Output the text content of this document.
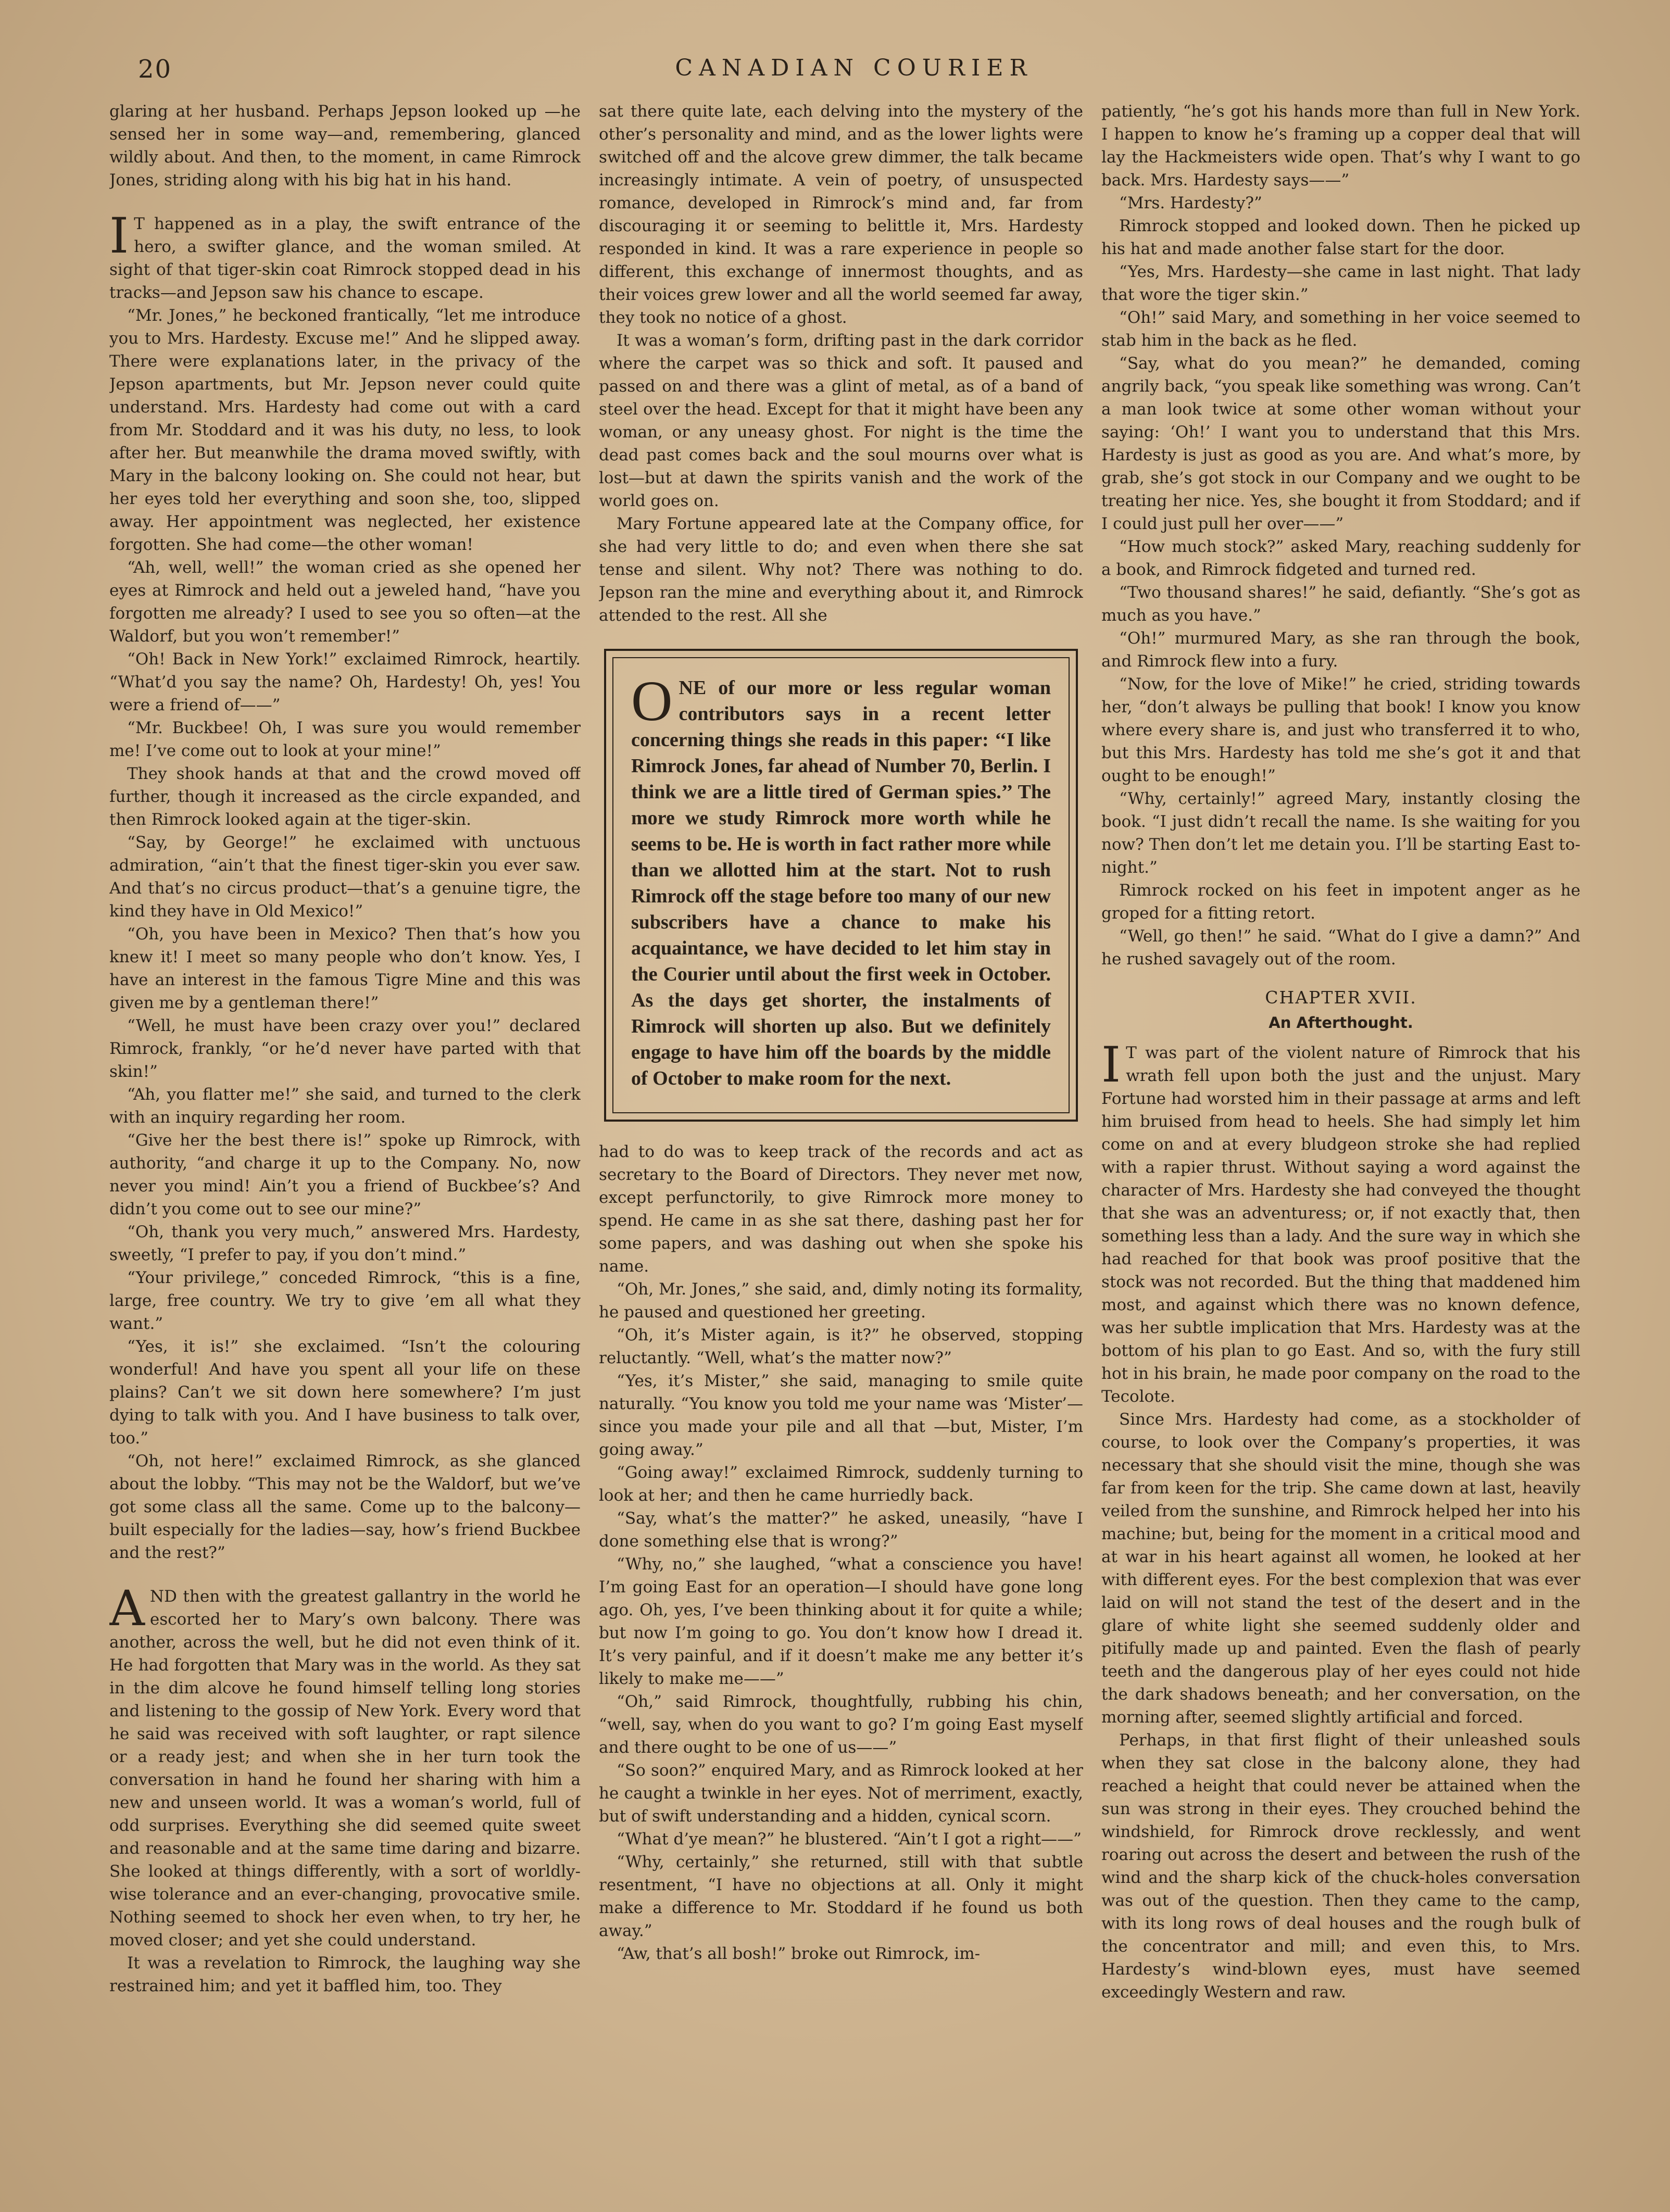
20	CANADIAN COURIER

glaring at her husband. Perhaps Jepson looked up —he sensed her in some way—and, remembering, glanced wildly about. And then, to the moment, in came Rimrock Jones, striding along with his big hat in his hand.

I T happened as in a play, the swift entrance of the hero, a swifter glance, and the woman smiled. At sight of that tiger-skin coat Rimrock stopped dead in his tracks—and Jepson saw his chance to escape.

“Mr. Jones,” he beckoned frantically, “let me introduce you to Mrs. Hardesty. Excuse me!” And he slipped away. There were explanations later, in the privacy of the Jepson apartments, but Mr. Jepson never could quite understand. Mrs. Hardesty had come out with a card from Mr. Stoddard and it was his duty, no less, to look after her. But meanwhile the drama moved swiftly, with Mary in the balcony looking on. She could not hear, but her eyes told her everything and soon she, too, slipped away. Her appointment was neglected, her existence forgotten. She had come—the other woman!

“Ah, well, well!” the woman cried as she opened her eyes at Rimrock and held out a jeweled hand, “have you forgotten me already? I used to see you so often—at the Waldorf, but you won’t remember!”

“Oh! Back in New York!” exclaimed Rimrock, heartily. “What’d you say the name? Oh, Hardesty! Oh, yes! You were a friend of——”

“Mr. Buckbee! Oh, I was sure you would remember me! I’ve come out to look at your mine!”

They shook hands at that and the crowd moved off further, though it increased as the circle expanded, and then Rimrock looked again at the tiger-skin.

“Say, by George!” he exclaimed with unctuous admiration, “ain’t that the finest tiger-skin you ever saw. And that’s no circus product—that’s a genuine tigre, the kind they have in Old Mexico!”

“Oh, you have been in Mexico? Then that’s how you knew it! I meet so many people who don’t know. Yes, I have an interest in the famous Tigre Mine and this was given me by a gentleman there!”

“Well, he must have been crazy over you!” declared Rimrock, frankly, “or he’d never have parted with that skin!”

“Ah, you flatter me!” she said, and turned to the clerk with an inquiry regarding her room.

“Give her the best there is!” spoke up Rimrock, with authority, “and charge it up to the Company. No, now never you mind! Ain’t you a friend of Buckbee’s? And didn’t you come out to see our mine?”

“Oh, thank you very much,” answered Mrs. Hardesty, sweetly, “I prefer to pay, if you don’t mind.”

“Your privilege,” conceded Rimrock, “this is a fine, large, free country. We try to give ’em all what they want.”

“Yes, it is!” she exclaimed. “Isn’t the colouring wonderful! And have you spent all your life on these plains? Can’t we sit down here somewhere? I’m just dying to talk with you. And I have business to talk over, too.”

“Oh, not here!” exclaimed Rimrock, as she glanced about the lobby. “This may not be the Waldorf, but we’ve got some class all the same. Come up to the balcony—built especially for the ladies—say, how’s friend Buckbee and the rest?”

AND then with the greatest gallantry in the world he escorted her to Mary’s own balcony. There was another, across the well, but he did not even think of it. He had forgotten that Mary was in the world. As they sat in the dim alcove he found himself telling long stories and listening to the gossip of New York. Every word that he said was received with soft laughter, or rapt silence or a ready jest; and when she in her turn took the conversation in hand he found her sharing with him a new and unseen world. It was a woman’s world, full of odd surprises. Everything she did seemed quite sweet and reasonable and at the same time daring and bizarre. She looked at things differently, with a sort of worldly-wise tolerance and an ever-changing, provocative smile. Nothing seemed to shock her even when, to try her, he moved closer; and yet she could understand.

It was a revelation to Rimrock, the laughing way she restrained him; and yet it baffled him, too. They

sat there quite late, each delving into the mystery of the other’s personality and mind, and as the lower lights were switched off and the alcove grew dimmer, the talk became increasingly intimate. A vein of poetry, of unsuspected romance, developed in Rimrock’s mind and, far from discouraging it or seeming to belittle it, Mrs. Hardesty responded in kind. It was a rare experience in people so different, this exchange of innermost thoughts, and as their voices grew lower and all the world seemed far away, they took no notice of a ghost.

It was a woman’s form, drifting past in the dark corridor where the carpet was so thick and soft. It paused and passed on and there was a glint of metal, as of a band of steel over the head. Except for that it might have been any woman, or any uneasy ghost. For night is the time the dead past comes back and the soul mourns over what is lost—but at dawn the spirits vanish and the work of the world goes on.

Mary Fortune appeared late at the Company office, for she had very little to do; and even when there she sat tense and silent. Why not? There was nothing to do. Jepson ran the mine and everything about it, and Rimrock attended to the rest. All she

ONE of our more or less regular woman contributors says in a recent letter concerning things she reads in this paper: ‘‘I like Rimrock Jones, far ahead of Number 70, Berlin. I think we are a little tired of German spies.’’ The more we study Rimrock more worth while he seems to be. He is worth in fact rather more while than we allotted him at the start. Not to rush Rimrock off the stage before too many of our new subscribers have a chance to make his acquaintance, we have decided to let him stay in the Courier until about the first week in October. As the days get shorter, the instalments of Rimrock will shorten up also. But we definitely engage to have him off the boards by the middle of October to make room for the next.

had to do was to keep track of the records and act as secretary to the Board of Directors. They never met now, except perfunctorily, to give Rimrock more money to spend. He came in as she sat there, dashing past her for some papers, and was dashing out when she spoke his name.

“Oh, Mr. Jones,” she said, and, dimly noting its formality, he paused and questioned her greeting.

“Oh, it’s Mister again, is it?” he observed, stopping reluctantly. “Well, what’s the matter now?”

“Yes, it’s Mister,” she said, managing to smile quite naturally. “You know you told me your name was ‘Mister’—since you made your pile and all that —but, Mister, I’m going away.”

“Going away!” exclaimed Rimrock, suddenly turning to look at her; and then he came hurriedly back.

“Say, what’s the matter?” he asked, uneasily, “have I done something else that is wrong?”

“Why, no,” she laughed, “what a conscience you have! I’m going East for an operation—I should have gone long ago. Oh, yes, I’ve been thinking about it for quite a while; but now I’m going to go. You don’t know how I dread it. It’s very painful, and if it doesn’t make me any better it’s likely to make me——”

“Oh,” said Rimrock, thoughtfully, rubbing his chin, “well, say, when do you want to go? I’m going East myself and there ought to be one of us——”

“So soon?” enquired Mary, and as Rimrock looked at her he caught a twinkle in her eyes. Not of merriment, exactly, but of swift understanding and a hidden, cynical scorn.

“What d’ye mean?” he blustered. “Ain’t I got a right——”

“Why, certainly,” she returned, still with that subtle resentment, “I have no objections at all. Only it might make a difference to Mr. Stoddard if he found us both away.”

“Aw, that’s all bosh!” broke out Rimrock, im-

patiently, “he’s got his hands more than full in New York. I happen to know he’s framing up a copper deal that will lay the Hackmeisters wide open. That’s why I want to go back. Mrs. Hardesty says——”

“Mrs. Hardesty?”

Rimrock stopped and looked down. Then he picked up his hat and made another false start for the door.

“Yes, Mrs. Hardesty—she came in last night. That lady that wore the tiger skin.”

“Oh!” said Mary, and something in her voice seemed to stab him in the back as he fled.

“Say, what do you mean?” he demanded, coming angrily back, “you speak like something was wrong. Can’t a man look twice at some other woman without your saying: ‘Oh!’ I want you to understand that this Mrs. Hardesty is just as good as you are. And what’s more, by grab, she’s got stock in our Company and we ought to be treating her nice. Yes, she bought it from Stoddard; and if I could just pull her over——”

“How much stock?” asked Mary, reaching suddenly for a book, and Rimrock fidgeted and turned red.

“Two thousand shares!” he said, defiantly. “She’s got as much as you have.”

“Oh!” murmured Mary, as she ran through the book, and Rimrock flew into a fury.

“Now, for the love of Mike!” he cried, striding towards her, “don’t always be pulling that book! I know you know where every share is, and just who transferred it to who, but this Mrs. Hardesty has told me she’s got it and that ought to be enough!”

“Why, certainly!” agreed Mary, instantly closing the book. “I just didn’t recall the name. Is she waiting for you now? Then don’t let me detain you. I’ll be starting East to-night.”

Rimrock rocked on his feet in impotent anger as he groped for a fitting retort.

“Well, go then!” he said. “What do I give a damn?” And he rushed savagely out of the room.

CHAPTER XVII.
An Afterthought.

I T was part of the violent nature of Rimrock that his wrath fell upon both the just and the unjust. Mary Fortune had worsted him in their passage at arms and left him bruised from head to heels. She had simply let him come on and at every bludgeon stroke she had replied with a rapier thrust. Without saying a word against the character of Mrs. Hardesty she had conveyed the thought that she was an adventuress; or, if not exactly that, then something less than a lady. And the sure way in which she had reached for that book was proof positive that the stock was not recorded. But the thing that maddened him most, and against which there was no known defence, was her subtle implication that Mrs. Hardesty was at the bottom of his plan to go East. And so, with the fury still hot in his brain, he made poor company on the road to the Tecolote.

Since Mrs. Hardesty had come, as a stockholder of course, to look over the Company’s properties, it was necessary that she should visit the mine, though she was far from keen for the trip. She came down at last, heavily veiled from the sunshine, and Rimrock helped her into his machine; but, being for the moment in a critical mood and at war in his heart against all women, he looked at her with different eyes. For the best complexion that was ever laid on will not stand the test of the desert and in the glare of white light she seemed suddenly older and pitifully made up and painted. Even the flash of pearly teeth and the dangerous play of her eyes could not hide the dark shadows beneath; and her conversation, on the morning after, seemed slightly artificial and forced.

Perhaps, in that first flight of their unleashed souls when they sat close in the balcony alone, they had reached a height that could never be attained when the sun was strong in their eyes. They crouched behind the windshield, for Rimrock drove recklessly, and went roaring out across the desert and between the rush of the wind and the sharp kick of the chuck-holes conversation was out of the question. Then they came to the camp, with its long rows of deal houses and the rough bulk of the concentrator and mill; and even this, to Mrs. Hardesty’s wind-blown eyes, must have seemed exceedingly Western and raw.
